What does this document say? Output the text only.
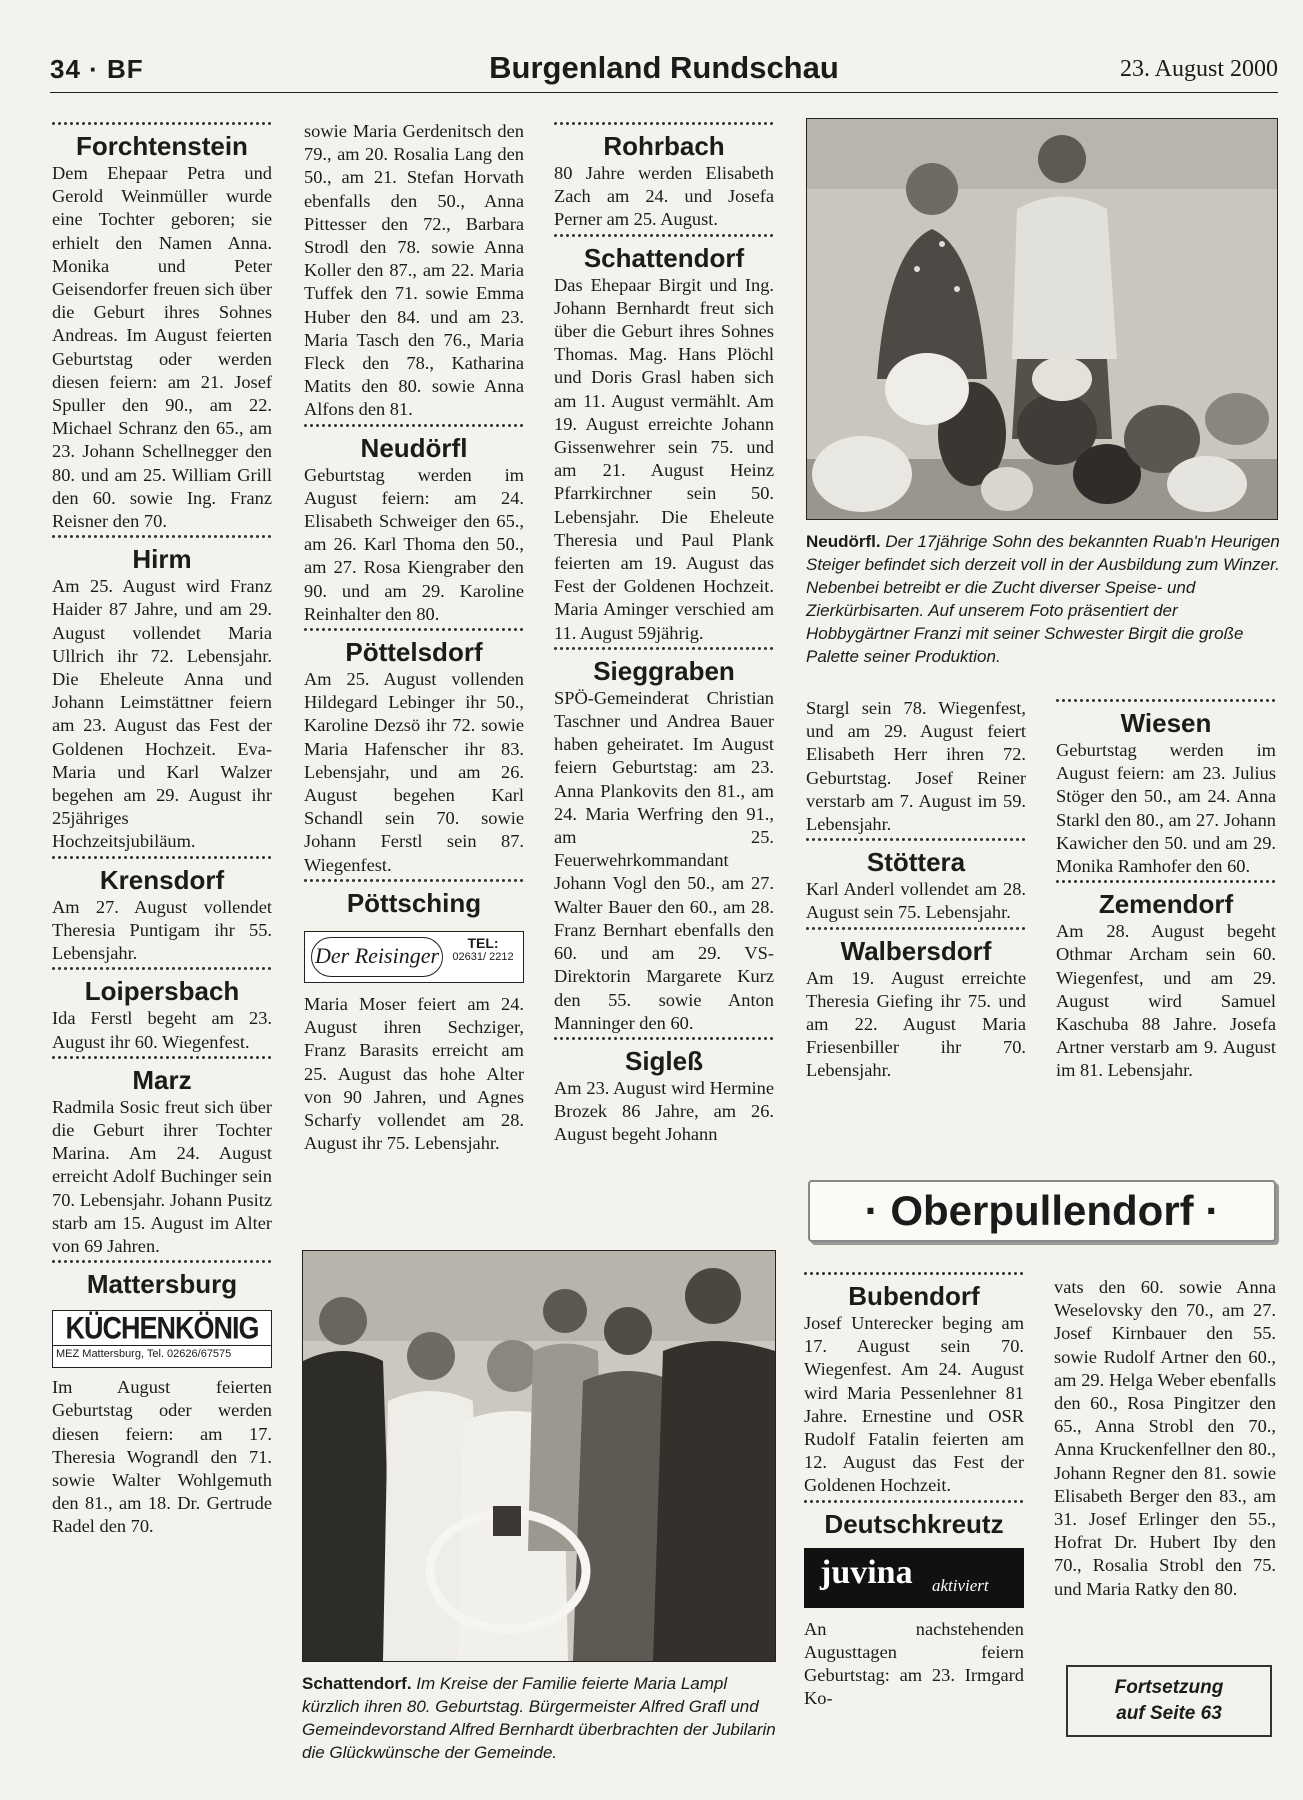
34 · BF	Burgenland Rundschau	23. August 2000
Forchtenstein

Dem Ehepaar Petra und Gerold Weinmüller wurde eine Tochter geboren; sie erhielt den Namen Anna. Monika und Peter Geisendorfer freuen sich über die Geburt ihres Sohnes Andreas. Im August feierten Geburtstag oder werden diesen feiern: am 21. Josef Spuller den 90., am 22. Michael Schranz den 65., am 23. Johann Schellnegger den 80. und am 25. William Grill den 60. sowie Ing. Franz Reisner den 70.

Hirm

Am 25. August wird Franz Haider 87 Jahre, und am 29. August vollendet Maria Ullrich ihr 72. Lebensjahr. Die Eheleute Anna und Johann Leimstättner feiern am 23. August das Fest der Goldenen Hochzeit. Eva-Maria und Karl Walzer begehen am 29. August ihr 25jähriges Hochzeitsjubiläum.

Krensdorf

Am 27. August vollendet Theresia Puntigam ihr 55. Lebensjahr.

Loipersbach

Ida Ferstl begeht am 23. August ihr 60. Wiegenfest.

Marz

Radmila Sosic freut sich über die Geburt ihrer Tochter Marina. Am 24. August erreicht Adolf Buchinger sein 70. Lebensjahr. Johann Pusitz starb am 15. August im Alter von 69 Jahren.

Mattersburg
KÜCHENKÖNIG
MEZ Mattersburg, Tel. 02626/67575

Im August feierten Geburtstag oder werden diesen feiern: am 17. Theresia Wograndl den 71. sowie Walter Wohlgemuth den 81., am 18. Dr. Gertrude Radel den 70.

sowie Maria Gerdenitsch den 79., am 20. Rosalia Lang den 50., am 21. Stefan Horvath ebenfalls den 50., Anna Pittesser den 72., Barbara Strodl den 78. sowie Anna Koller den 87., am 22. Maria Tuffek den 71. sowie Emma Huber den 84. und am 23. Maria Tasch den 76., Maria Fleck den 78., Katharina Matits den 80. sowie Anna Alfons den 81.

Neudörfl

Geburtstag werden im August feiern: am 24. Elisabeth Schweiger den 65., am 26. Karl Thoma den 50., am 27. Rosa Kiengraber den 90. und am 29. Karoline Reinhalter den 80.

Pöttelsdorf

Am 25. August vollenden Hildegard Lebinger ihr 50., Karoline Dezsö ihr 72. sowie Maria Hafenscher ihr 83. Lebensjahr, und am 26. August begehen Karl Schandl sein 70. sowie Johann Ferstl sein 87. Wiegenfest.

Pöttsching
Der Reisinger	TEL:
02631/ 2212

Maria Moser feiert am 24. August ihren Sechziger, Franz Barasits erreicht am 25. August das hohe Alter von 90 Jahren, und Agnes Scharfy vollendet am 28. August ihr 75. Lebensjahr.

Rohrbach

80 Jahre werden Elisabeth Zach am 24. und Josefa Perner am 25. August.

Schattendorf

Das Ehepaar Birgit und Ing. Johann Bernhardt freut sich über die Geburt ihres Sohnes Thomas. Mag. Hans Plöchl und Doris Grasl haben sich am 11. August vermählt. Am 19. August erreichte Johann Gissenwehrer sein 75. und am 21. August Heinz Pfarrkirchner sein 50. Lebensjahr. Die Eheleute Theresia und Paul Plank feierten am 19. August das Fest der Goldenen Hochzeit. Maria Aminger verschied am 11. August 59jährig.

Sieggraben

SPÖ-Gemeinderat Christian Taschner und Andrea Bauer haben geheiratet. Im August feiern Geburtstag: am 23. Anna Plankovits den 81., am 24. Maria Werfring den 91., am 25. Feuerwehrkommandant Johann Vogl den 50., am 27. Walter Bauer den 60., am 28. Franz Bernhart ebenfalls den 60. und am 29. VS-Direktorin Margarete Kurz den 55. sowie Anton Manninger den 60.

Sigleß

Am 23. August wird Hermine Brozek 86 Jahre, am 26. August begeht Johann

Neudörfl. Der 17jährige Sohn des bekannten Ruab'n Heurigen Steiger befindet sich derzeit voll in der Ausbildung zum Winzer. Nebenbei betreibt er die Zucht diverser Speise- und Zierkürbisarten. Auf unserem Foto präsentiert der Hobbygärtner Franzi mit seiner Schwester Birgit die große Palette seiner Produktion.

Stargl sein 78. Wiegenfest, und am 29. August feiert Elisabeth Herr ihren 72. Geburtstag. Josef Reiner verstarb am 7. August im 59. Lebensjahr.

Stöttera

Karl Anderl vollendet am 28. August sein 75. Lebensjahr.

Walbersdorf

Am 19. August erreichte Theresia Giefing ihr 75. und am 22. August Maria Friesenbiller ihr 70. Lebensjahr.

Wiesen

Geburtstag werden im August feiern: am 23. Julius Stöger den 50., am 24. Anna Starkl den 80., am 27. Johann Kawicher den 50. und am 29. Monika Ramhofer den 60.

Zemendorf

Am 28. August begeht Othmar Archam sein 60. Wiegenfest, und am 29. August wird Samuel Kaschuba 88 Jahre. Josefa Artner verstarb am 9. August im 81. Lebensjahr.

· Oberpullendorf ·
Bubendorf

Josef Unterecker beging am 17. August sein 70. Wiegenfest. Am 24. August wird Maria Pessenlehner 81 Jahre. Ernestine und OSR Rudolf Fatalin feierten am 12. August das Fest der Goldenen Hochzeit.

Deutschkreutz
juvina aktiviert

An nachstehenden Augusttagen feiern Geburtstag: am 23. Irmgard Ko-

vats den 60. sowie Anna Weselovsky den 70., am 27. Josef Kirnbauer den 55. sowie Rudolf Artner den 60., am 29. Helga Weber ebenfalls den 60., Rosa Pingitzer den 65., Anna Strobl den 70., Anna Kruckenfellner den 80., Johann Regner den 81. sowie Elisabeth Berger den 83., am 31. Josef Erlinger den 55., Hofrat Dr. Hubert Iby den 70., Rosalia Strobl den 75. und Maria Ratky den 80.

Fortsetzung
auf Seite 63
Schattendorf. Im Kreise der Familie feierte Maria Lampl kürzlich ihren 80. Geburtstag. Bürgermeister Alfred Grafl und Gemeindevorstand Alfred Bernhardt überbrachten der Jubilarin die Glückwünsche der Gemeinde.
